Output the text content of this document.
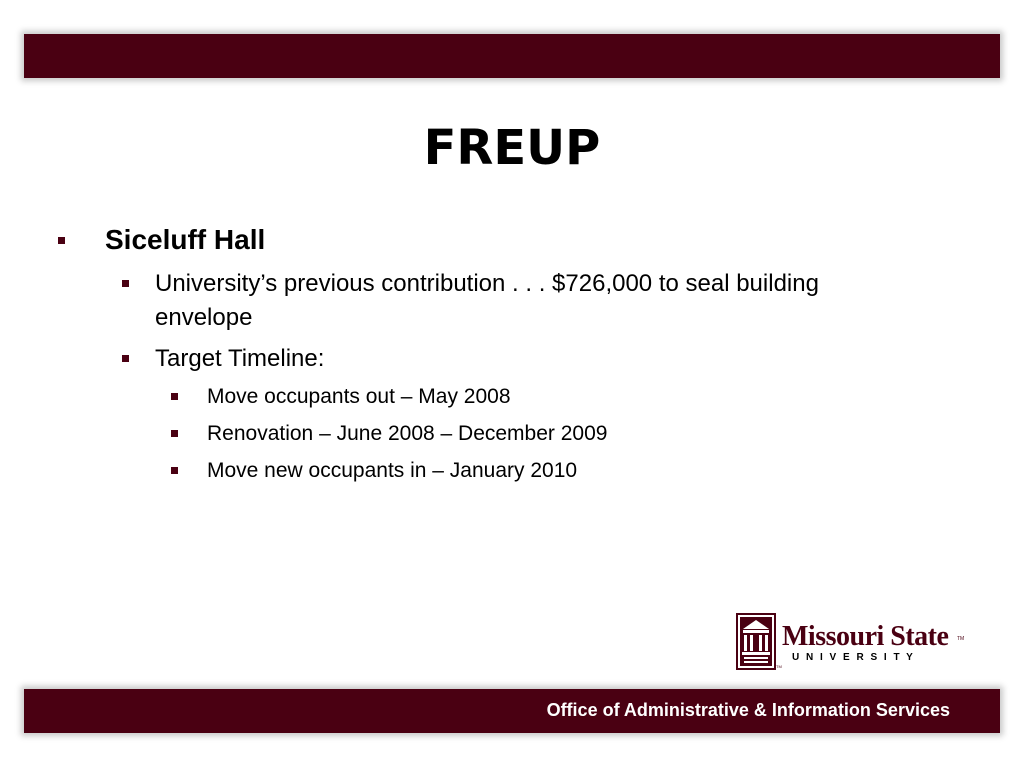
FREUP
Siceluff Hall
University’s previous contribution . . . $726,000 to seal building
envelope
Target Timeline:
Move occupants out – May 2008
Renovation – June 2008 – December 2009
Move new occupants in – January 2010
Missouri State TM
U N I V E R S I T Y
TM
Office of Administrative & Information Services
